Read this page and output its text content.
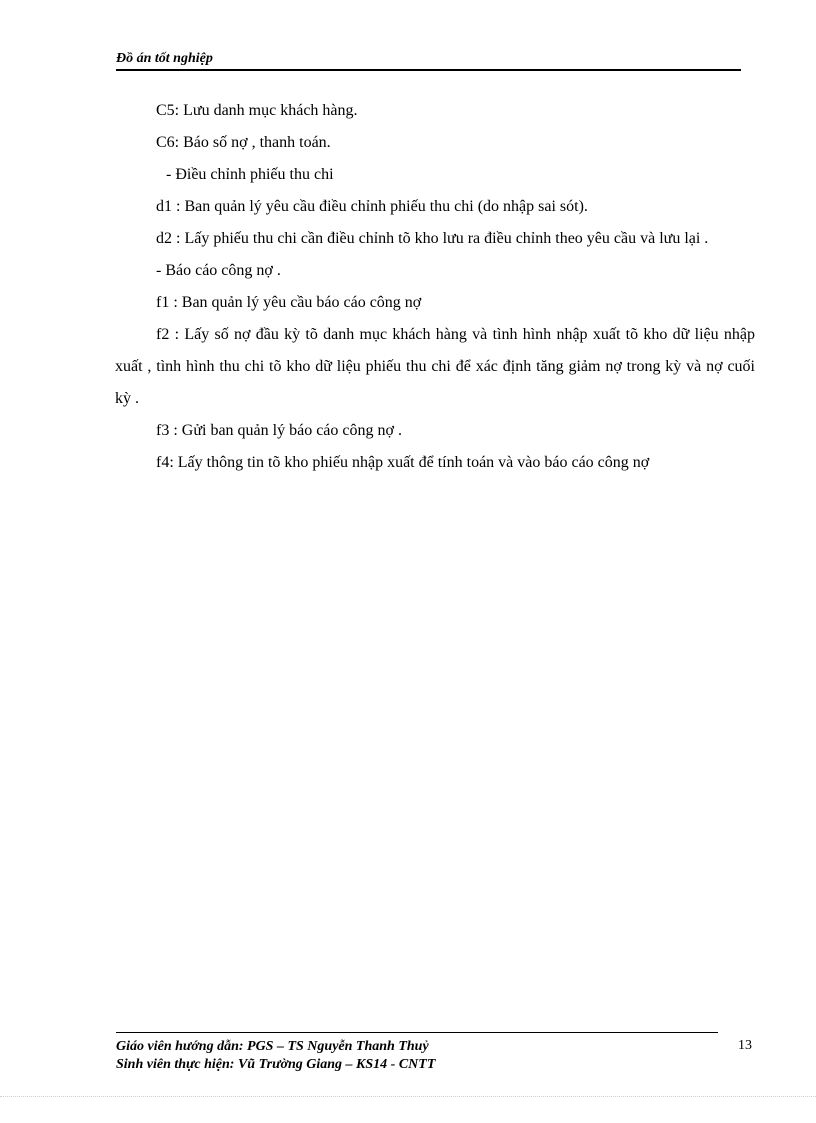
Đồ án tốt nghiệp

C5: Lưu danh mục khách hàng.

C6: Báo số nợ , thanh toán.

- Điều chỉnh phiếu thu chi

d1 : Ban quản lý yêu cầu điều chỉnh phiếu thu chi (do nhập sai sót).

d2 : Lấy phiếu thu chi cần điều chỉnh tõ kho lưu ra điều chỉnh theo yêu cầu và lưu lại .

- Báo cáo công nợ .

f1 : Ban quản lý yêu cầu báo cáo công nợ

f2 : Lấy số nợ đầu kỳ tõ danh mục khách hàng và tình hình nhập xuất tõ kho dữ liệu nhập xuất , tình hình thu chi tõ kho dữ liệu phiếu thu chi để xác định tăng giảm nợ trong kỳ và nợ cuối kỳ .

f3 : Gửi ban quản lý báo cáo công nợ .

f4: Lấy thông tin tõ kho phiếu nhập xuất để tính toán và vào báo cáo công nợ

Giáo viên hướng dẫn: PGS – TS Nguyễn Thanh Thuỷ
Sinh viên thực hiện: Vũ Trường Giang – KS14 - CNTT
13
